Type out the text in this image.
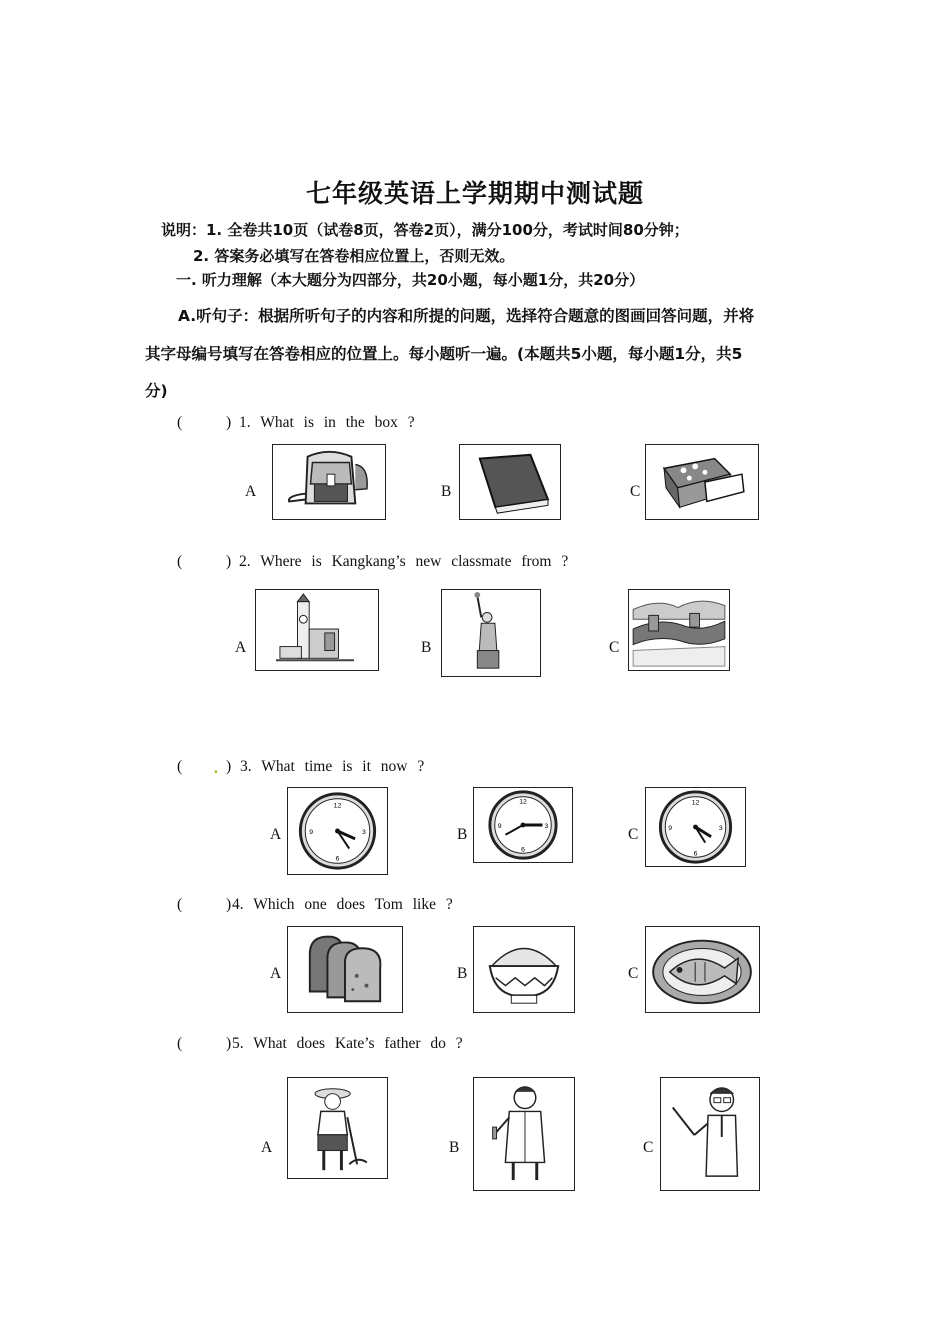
七年级英语上学期期中测试题
说明：1. 全卷共10页（试卷8页，答卷2页），满分100分，考试时间80分钟；
2. 答案务必填写在答卷相应位置上，否则无效。
一. 听力理解（本大题分为四部分，共20小题，每小题1分，共20分）
A.听句子：根据所听句子的内容和所提的问题，选择符合题意的图画回答问题，并将
其字母编号填写在答卷相应的位置上。每小题听一遍。(本题共5小题，每小题1分，共5
分)
(	) 1. What is in the box ?
A	B	C
(	) 2. Where is Kangkang’s new classmate from ?
A	B	C
( . ) 3. What time is it now ?
A
12
3
6
9	B
12
3
6
9	C
12
3
6
9
(	) 4. Which one does Tom like ?
A	B	C
(	) 5. What does Kate’s father do ?
A	B	C
